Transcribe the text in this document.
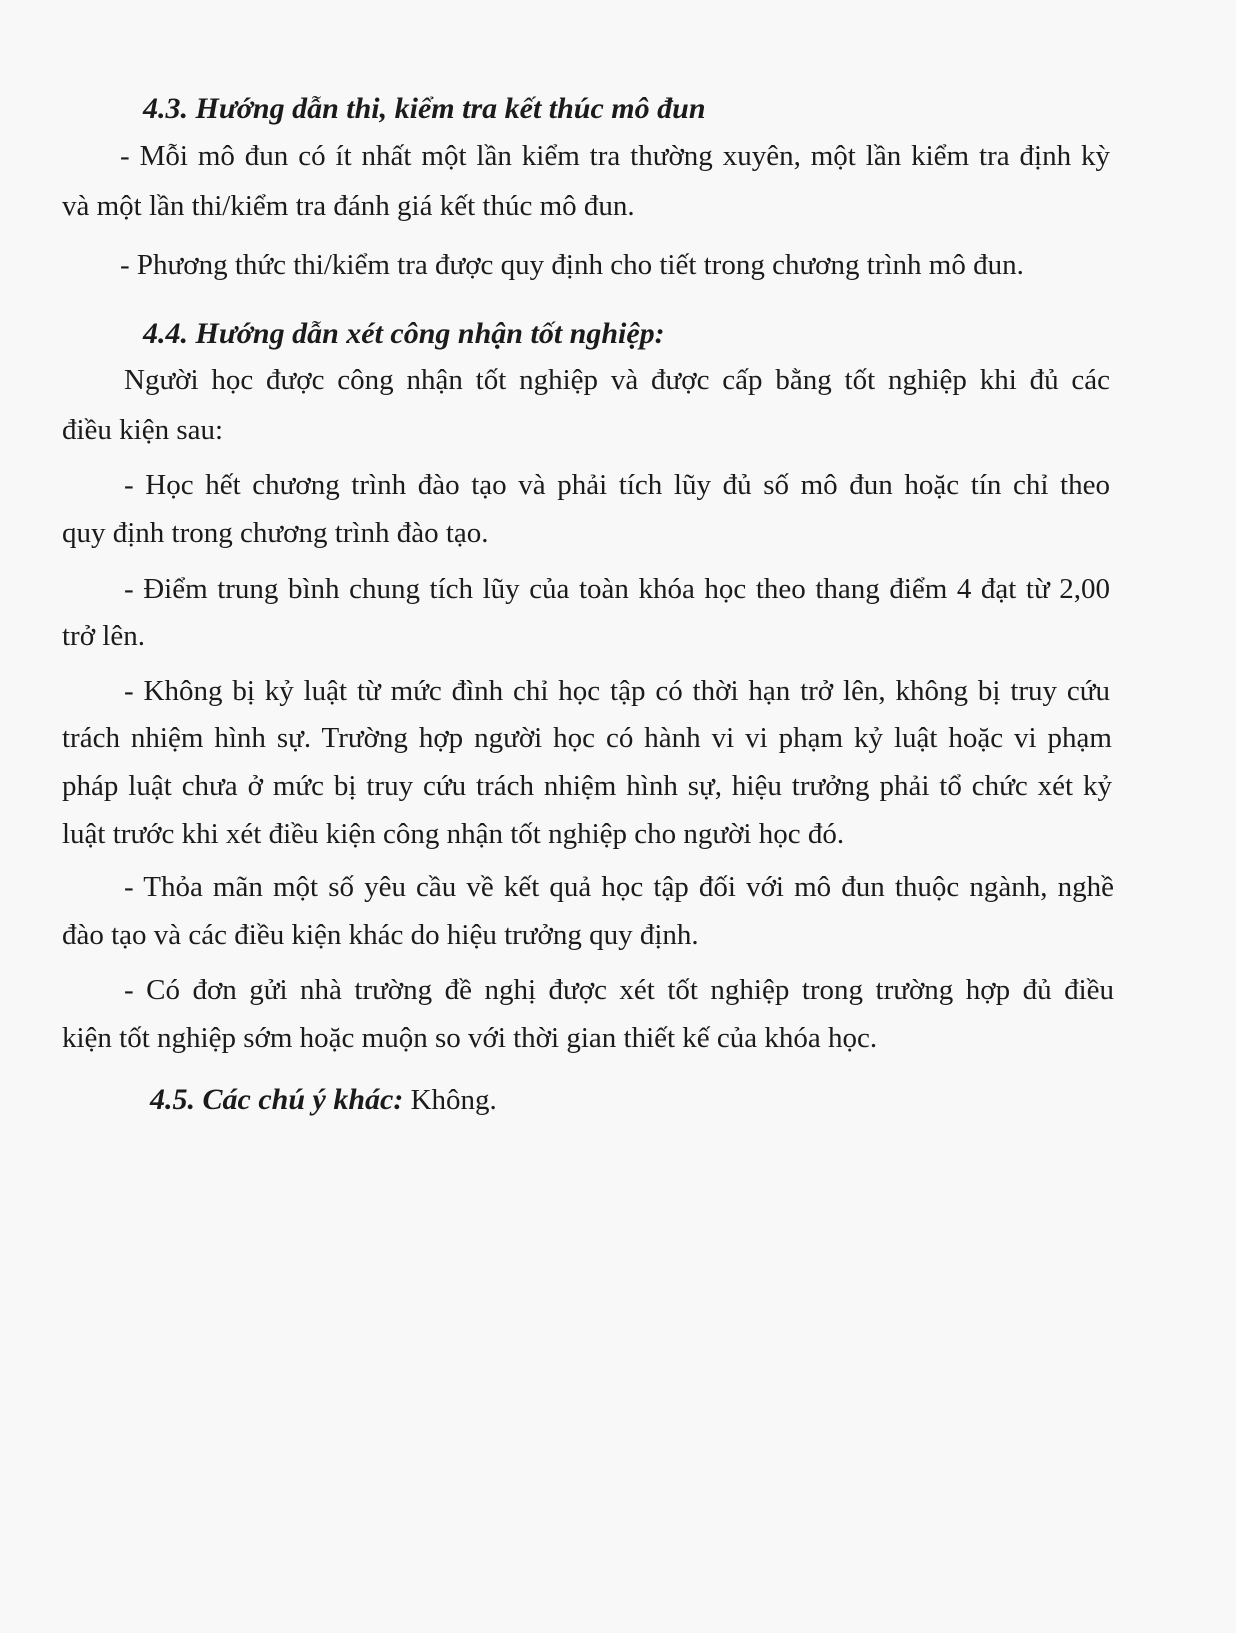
4.3. Hướng dẫn thi, kiểm tra kết thúc mô đun

- Mỗi mô đun có ít nhất một lần kiểm tra thường xuyên, một lần kiểm tra định kỳ

và một lần thi/kiểm tra đánh giá kết thúc mô đun.

- Phương thức thi/kiểm tra được quy định cho tiết trong chương trình mô đun.

4.4. Hướng dẫn xét công nhận tốt nghiệp:

Người học được công nhận tốt nghiệp và được cấp bằng tốt nghiệp khi đủ các

điều kiện sau:

- Học hết chương trình đào tạo và phải tích lũy đủ số mô đun hoặc tín chỉ theo

quy định trong chương trình đào tạo.

- Điểm trung bình chung tích lũy của toàn khóa học theo thang điểm 4 đạt từ 2,00

trở lên.

- Không bị kỷ luật từ mức đình chỉ học tập có thời hạn trở lên, không bị truy cứu

trách nhiệm hình sự. Trường hợp người học có hành vi vi phạm kỷ luật hoặc vi phạm

pháp luật chưa ở mức bị truy cứu trách nhiệm hình sự, hiệu trưởng phải tổ chức xét kỷ

luật trước khi xét điều kiện công nhận tốt nghiệp cho người học đó.

- Thỏa mãn một số yêu cầu về kết quả học tập đối với mô đun thuộc ngành, nghề

đào tạo và các điều kiện khác do hiệu trưởng quy định.

- Có đơn gửi nhà trường đề nghị được xét tốt nghiệp trong trường hợp đủ điều

kiện tốt nghiệp sớm hoặc muộn so với thời gian thiết kế của khóa học.

4.5. Các chú ý khác: Không.
